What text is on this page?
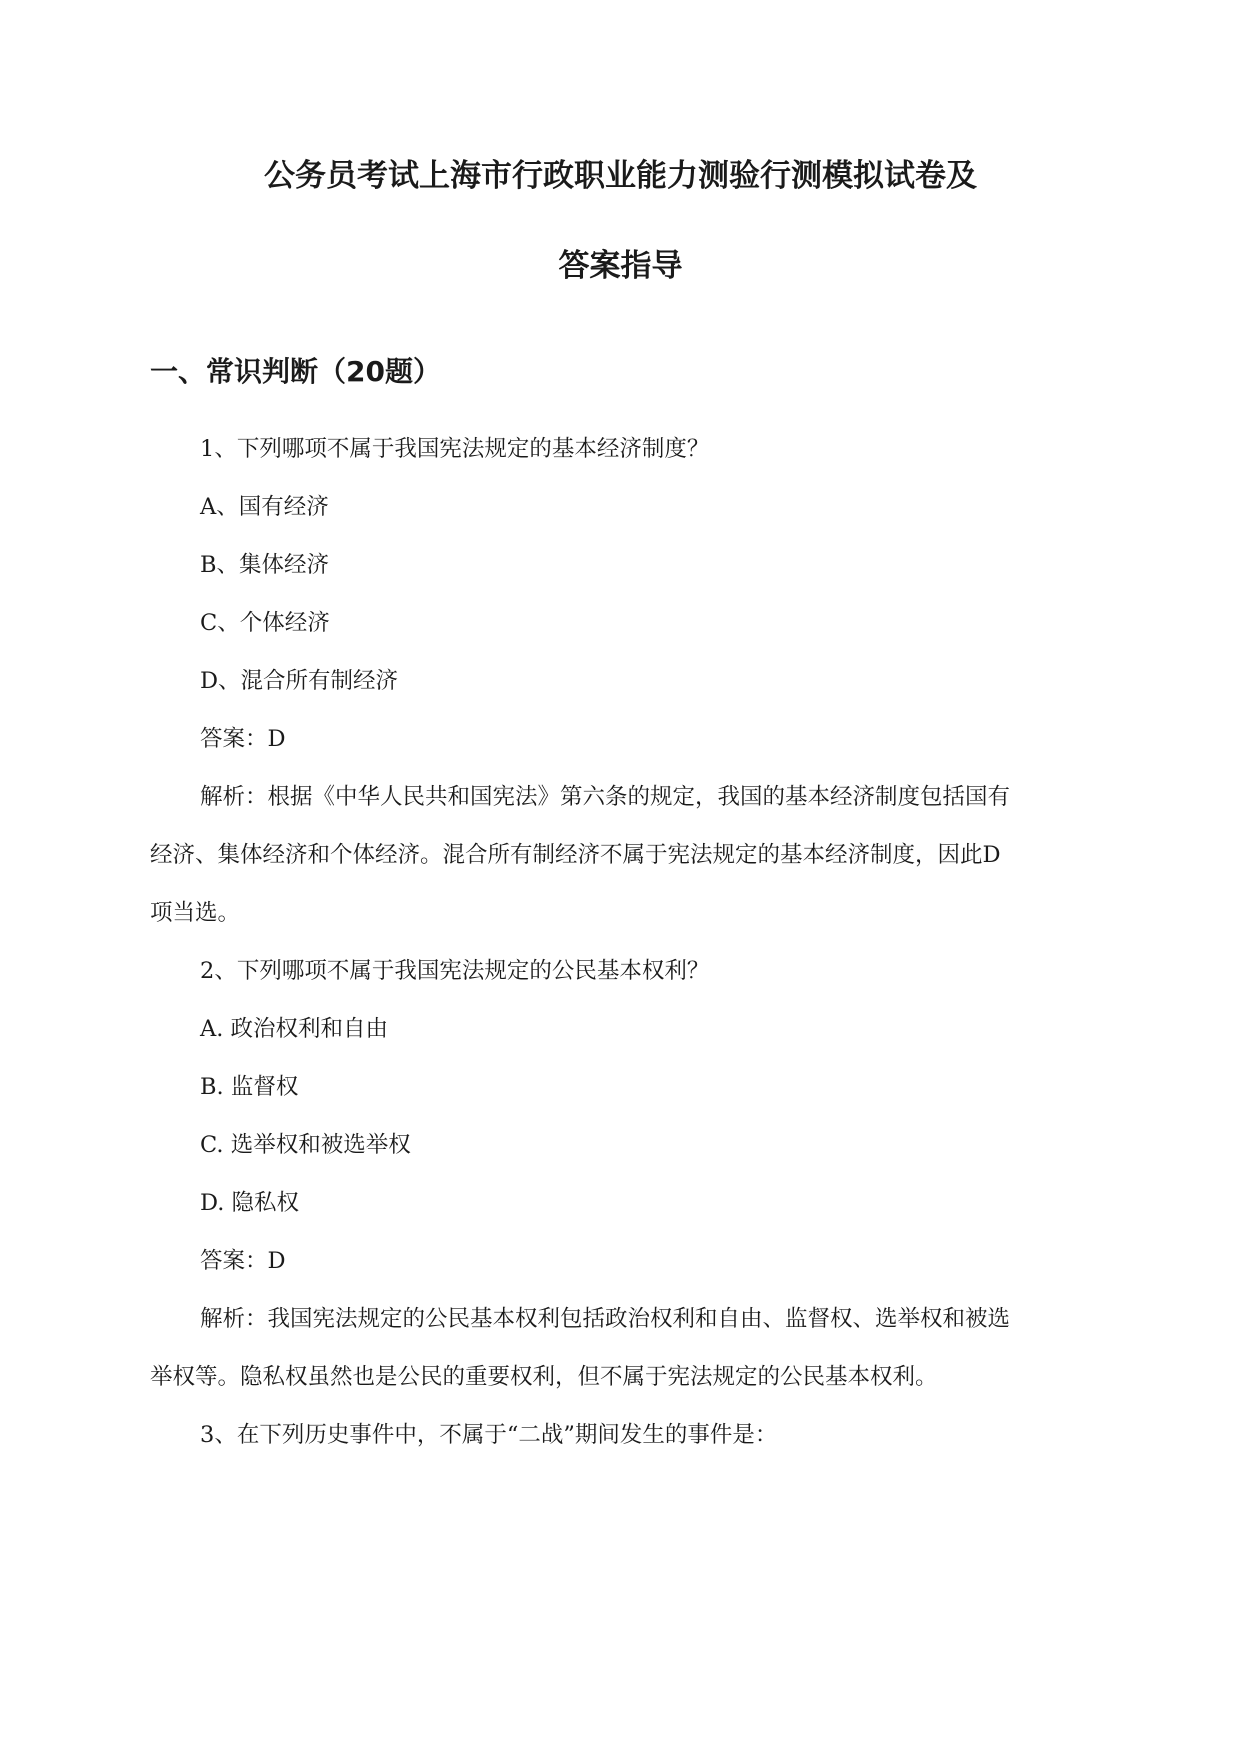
公务员考试上海市行政职业能力测验行测模拟试卷及
答案指导
一、常识判断（20题）
1、下列哪项不属于我国宪法规定的基本经济制度？
A、国有经济
B、集体经济
C、个体经济
D、混合所有制经济
答案：D
解析：根据《中华人民共和国宪法》第六条的规定，我国的基本经济制度包括国有
经济、集体经济和个体经济。混合所有制经济不属于宪法规定的基本经济制度，因此D
项当选。
2、下列哪项不属于我国宪法规定的公民基本权利？
A. 政治权利和自由
B. 监督权
C. 选举权和被选举权
D. 隐私权
答案：D
解析：我国宪法规定的公民基本权利包括政治权利和自由、监督权、选举权和被选
举权等。隐私权虽然也是公民的重要权利，但不属于宪法规定的公民基本权利。
3、在下列历史事件中，不属于“二战”期间发生的事件是：
